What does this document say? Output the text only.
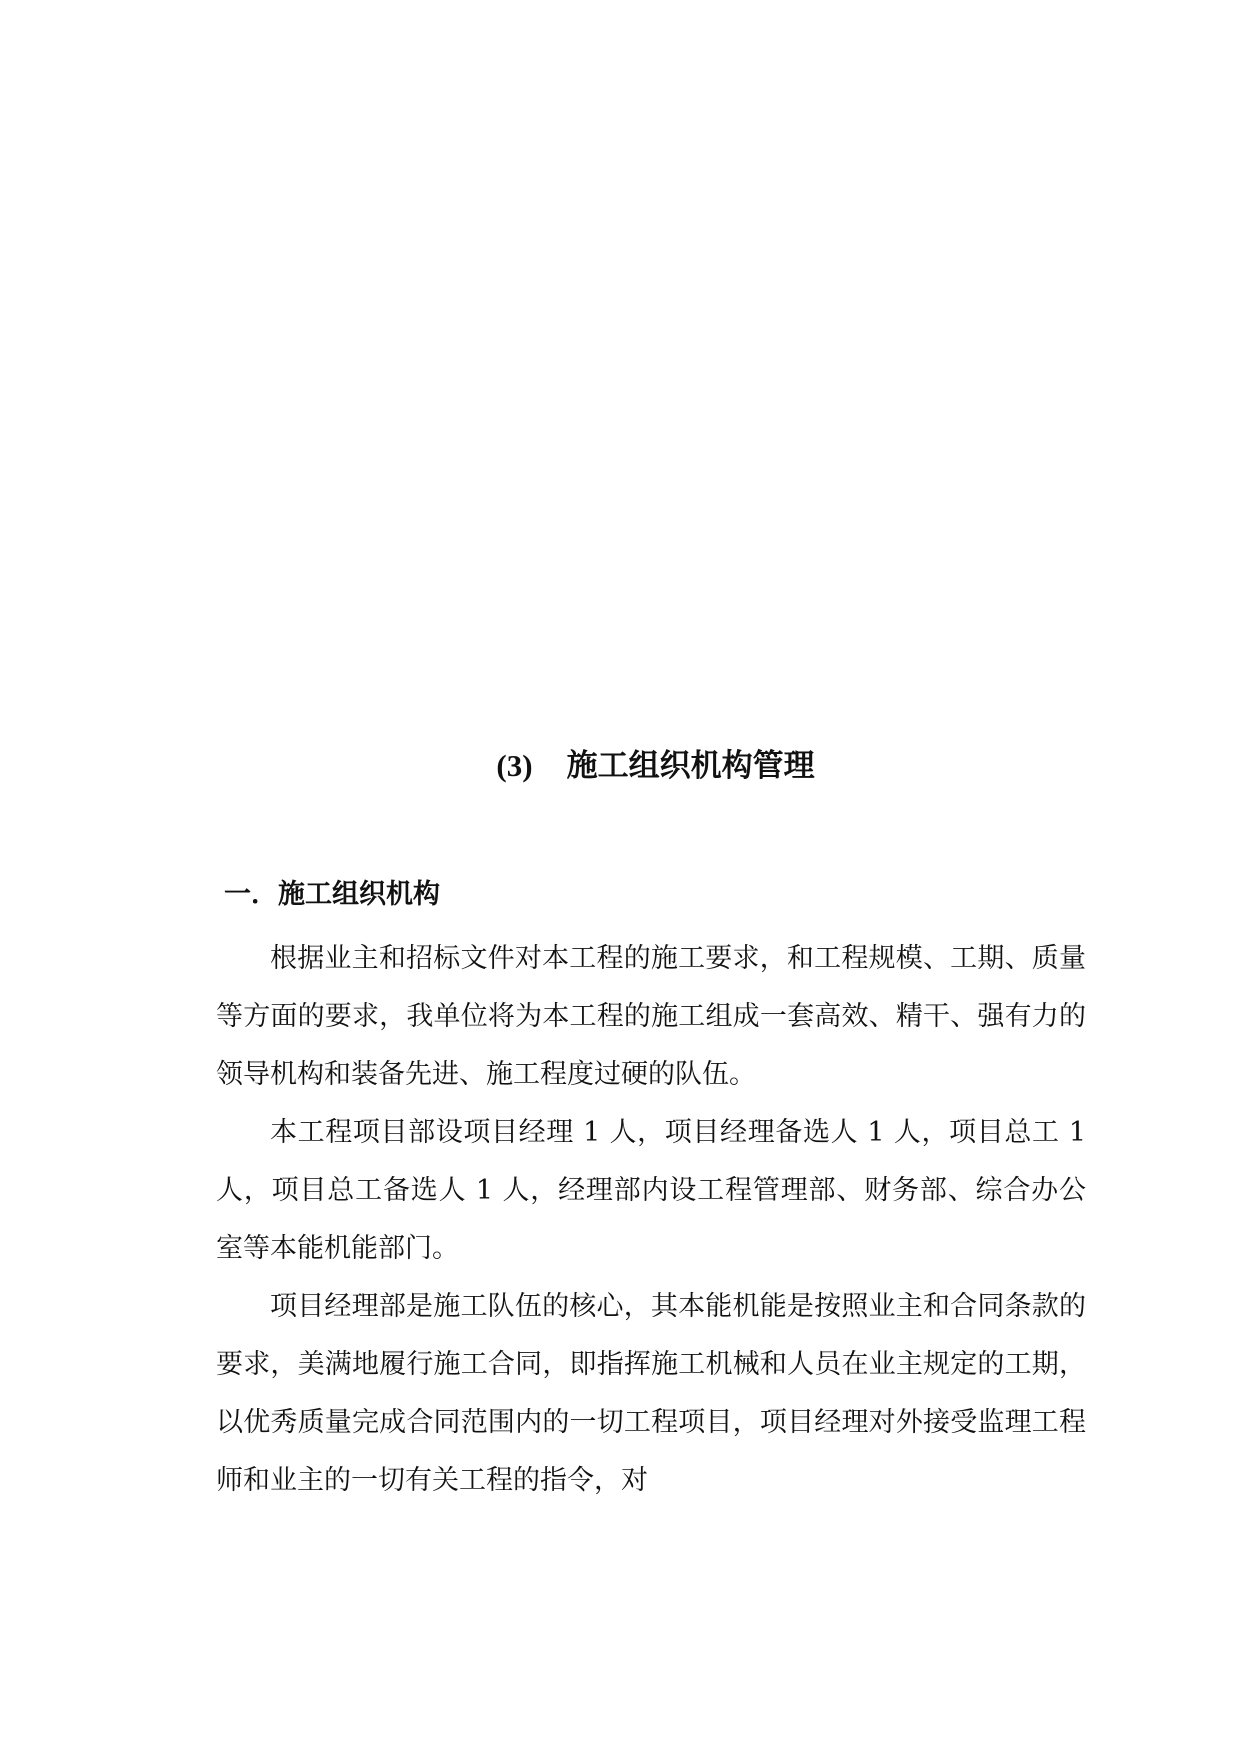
(3) 施工组织机构管理
一．施工组织机构

根据业主和招标文件对本工程的施工要求，和工程规模、工期、质量等方面的要求，我单位将为本工程的施工组成一套高效、精干、强有力的领导机构和装备先进、施工程度过硬的队伍。

本工程项目部设项目经理 1 人，项目经理备选人 1 人，项目总工 1 人，项目总工备选人 1 人，经理部内设工程管理部、财务部、综合办公室等本能机能部门。

项目经理部是施工队伍的核心，其本能机能是按照业主和合同条款的要求，美满地履行施工合同，即指挥施工机械和人员在业主规定的工期，以优秀质量完成合同范围内的一切工程项目，项目经理对外接受监理工程师和业主的一切有关工程的指令，对
